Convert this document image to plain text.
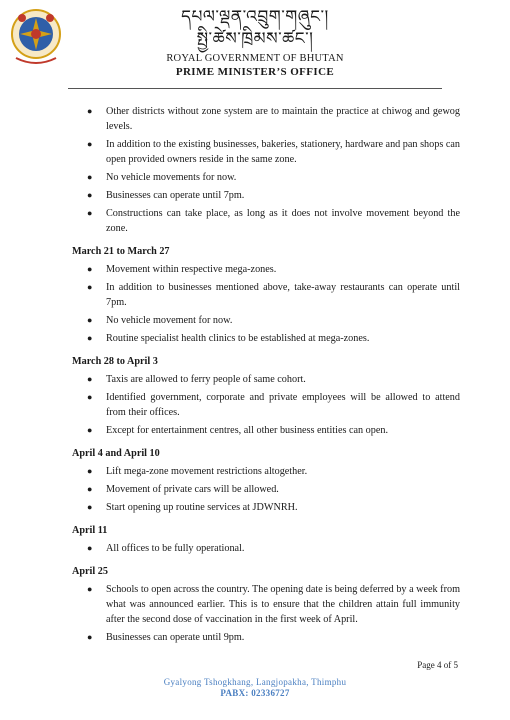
དཔལ་ལྡན་འབྲུག་གཞུང་།
སྤྱི་ཚེས་ཁྲིམས་ཚང་།
ROYAL GOVERNMENT OF BHUTAN
PRIME MINISTER’S OFFICE
● Other districts without zone system are to maintain the practice at chiwog and gewog levels.
● In addition to the existing businesses, bakeries, stationery, hardware and pan shops can open provided owners reside in the same zone.
● No vehicle movements for now.
● Businesses can operate until 7pm.
● Constructions can take place, as long as it does not involve movement beyond the zone.
March 21 to March 27
● Movement within respective mega-zones.
● In addition to businesses mentioned above, take-away restaurants can operate until 7pm.
● No vehicle movement for now.
● Routine specialist health clinics to be established at mega-zones.
March 28 to April 3
● Taxis are allowed to ferry people of same cohort.
● Identified government, corporate and private employees will be allowed to attend from their offices.
● Except for entertainment centres, all other business entities can open.
April 4 and April 10
● Lift mega-zone movement restrictions altogether.
● Movement of private cars will be allowed.
● Start opening up routine services at JDWNRH.
April 11
● All offices to be fully operational.
April 25
● Schools to open across the country. The opening date is being deferred by a week from what was announced earlier. This is to ensure that the children attain full immunity after the second dose of vaccination in the first week of April.
● Businesses can operate until 9pm.
Page 4 of 5
Gyalyong Tshogkhang, Langjopakha, Thimphu
PABX: 02336727
